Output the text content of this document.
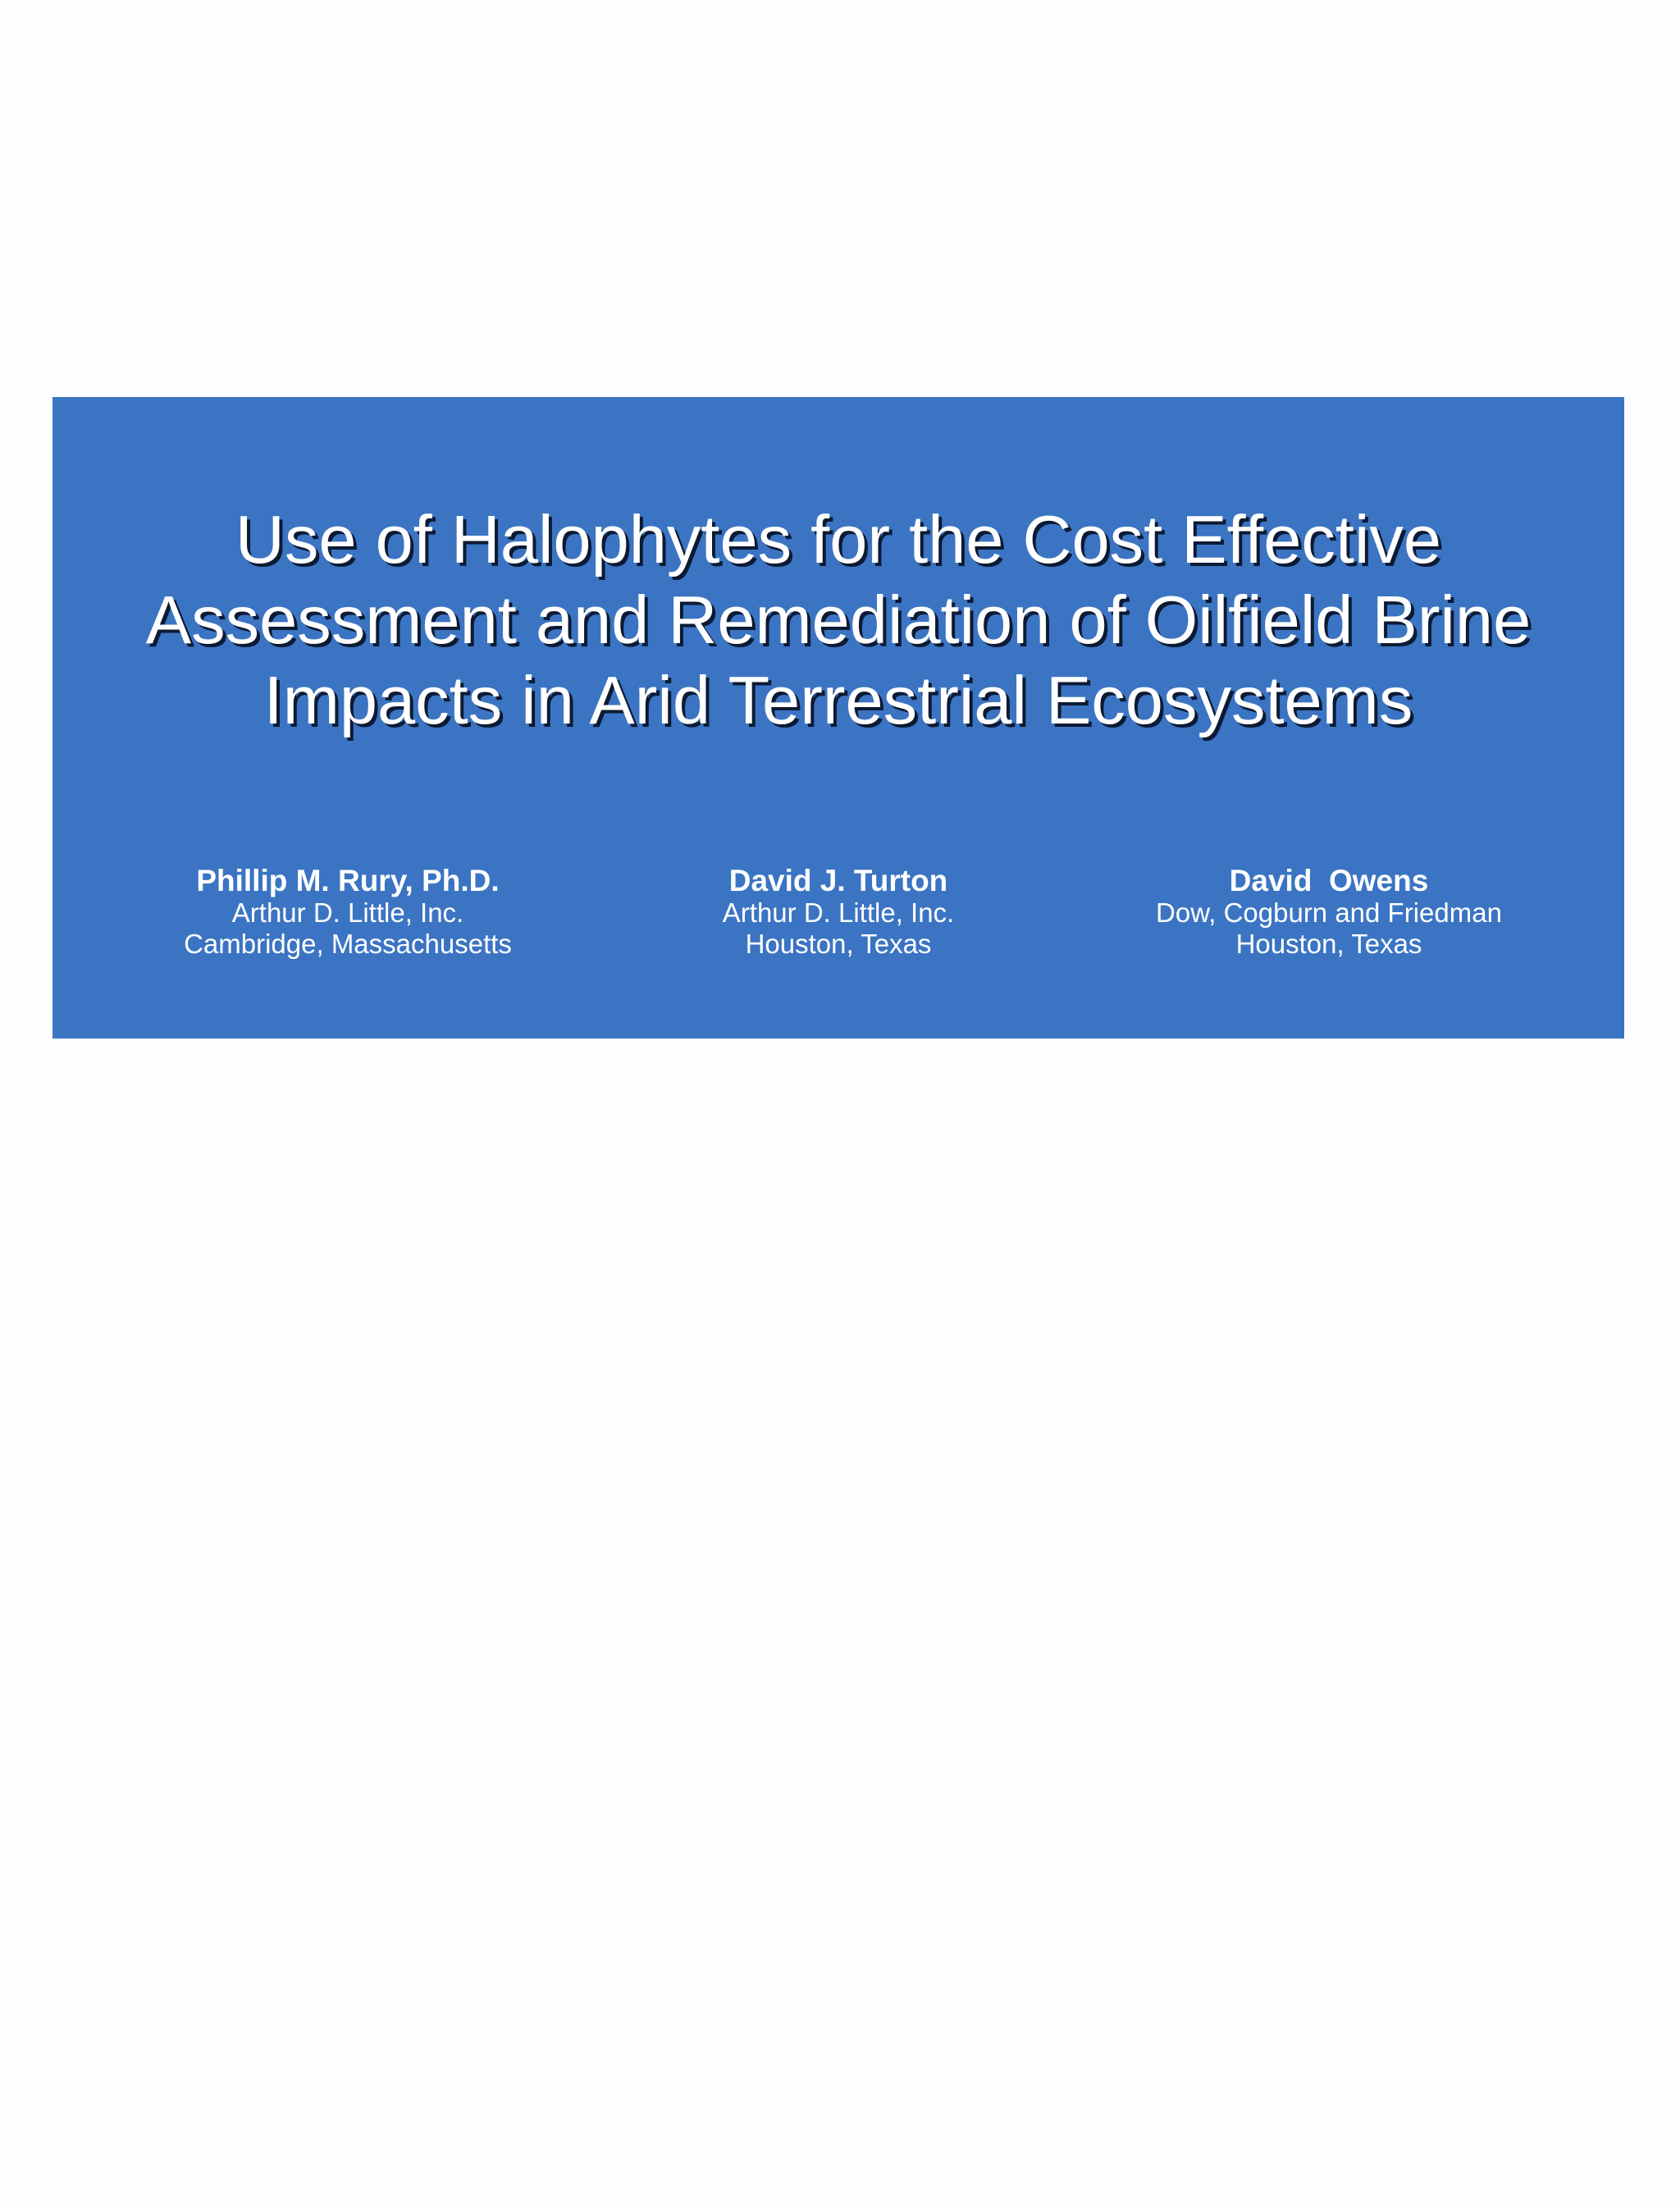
Use of Halophytes for the Cost Effective
Assessment and Remediation of Oilfield Brine
Impacts in Arid Terrestrial Ecosystems
Phillip M. Rury, Ph.D.
Arthur D. Little, Inc.
Cambridge, Massachusetts
David J. Turton
Arthur D. Little, Inc.
Houston, Texas
David  Owens
Dow, Cogburn and Friedman
Houston, Texas
